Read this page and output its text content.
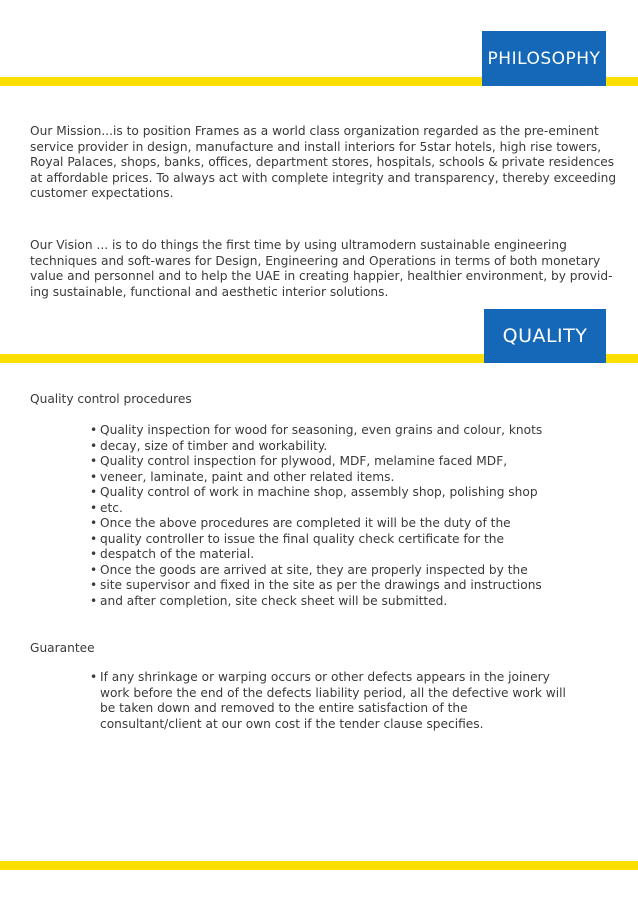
PHILOSOPHY

Our Mission...is to position Frames as a world class organization regarded as the pre-eminent
service provider in design, manufacture and install interiors for 5star hotels, high rise towers,
Royal Palaces, shops, banks, offices, department stores, hospitals, schools & private residences
at affordable prices. To always act with complete integrity and transparency, thereby exceeding
customer expectations.

Our Vision ... is to do things the first time by using ultramodern sustainable engineering
techniques and soft-wares for Design, Engineering and Operations in terms of both monetary
value and personnel and to help the UAE in creating happier, healthier environment, by provid-
ing sustainable, functional and aesthetic interior solutions.

QUALITY

Quality control procedures

• Quality inspection for wood for seasoning, even grains and colour, knots
• decay, size of timber and workability.
• Quality control inspection for plywood, MDF, melamine faced MDF,
• veneer, laminate, paint and other related items.
• Quality control of work in machine shop, assembly shop, polishing shop
• etc.
• Once the above procedures are completed it will be the duty of the
• quality controller to issue the final quality check certificate for the
• despatch of the material.
• Once the goods are arrived at site, they are properly inspected by the
• site supervisor and fixed in the site as per the drawings and instructions
• and after completion, site check sheet will be submitted.

Guarantee

• If any shrinkage or warping occurs or other defects appears in the joinery
work before the end of the defects liability period, all the defective work will
be taken down and removed to the entire satisfaction of the
consultant/client at our own cost if the tender clause specifies.
